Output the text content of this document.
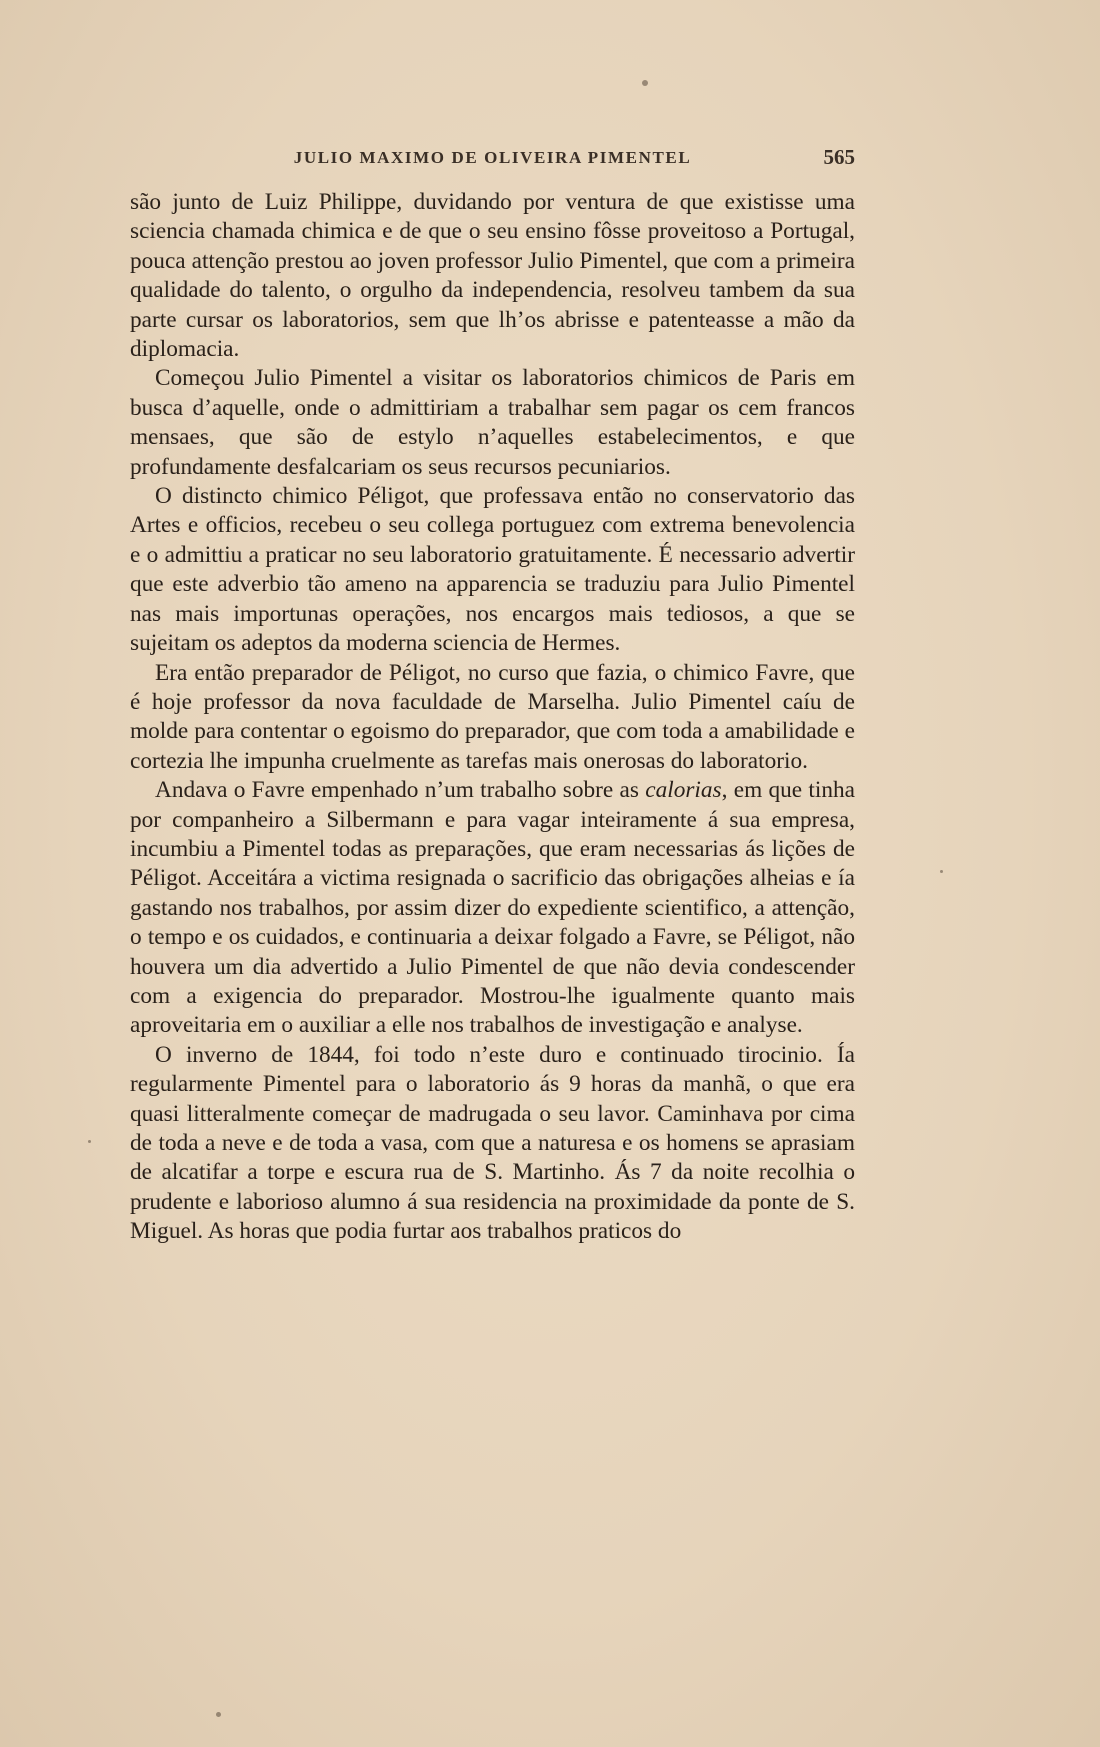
JULIO MAXIMO DE OLIVEIRA PIMENTEL	565

são junto de Luiz Philippe, duvidando por ventura de que existisse uma sciencia chamada chimica e de que o seu ensino fôsse proveitoso a Portugal, pouca attenção prestou ao joven professor Julio Pimentel, que com a primeira qualidade do talento, o orgulho da independencia, resolveu tambem da sua parte cursar os laboratorios, sem que lh’os abrisse e patenteasse a mão da diplomacia.

Começou Julio Pimentel a visitar os laboratorios chimicos de Paris em busca d’aquelle, onde o admittiriam a trabalhar sem pagar os cem francos mensaes, que são de estylo n’aquelles estabelecimentos, e que profundamente desfalcariam os seus recursos pecuniarios.

O distincto chimico Péligot, que professava então no conservatorio das Artes e officios, recebeu o seu collega portuguez com extrema benevolencia e o admittiu a praticar no seu laboratorio gratuitamente. É necessario advertir que este adverbio tão ameno na apparencia se traduziu para Julio Pimentel nas mais importunas operações, nos encargos mais tediosos, a que se sujeitam os adeptos da moderna sciencia de Hermes.

Era então preparador de Péligot, no curso que fazia, o chimico Favre, que é hoje professor da nova faculdade de Marselha. Julio Pimentel caíu de molde para contentar o egoismo do preparador, que com toda a amabilidade e cortezia lhe impunha cruelmente as tarefas mais onerosas do laboratorio.

Andava o Favre empenhado n’um trabalho sobre as calorias, em que tinha por companheiro a Silbermann e para vagar inteiramente á sua empresa, incumbiu a Pimentel todas as preparações, que eram necessarias ás lições de Péligot. Acceitára a victima resignada o sacrificio das obrigações alheias e ía gastando nos trabalhos, por assim dizer do expediente scientifico, a attenção, o tempo e os cuidados, e continuaria a deixar folgado a Favre, se Péligot, não houvera um dia advertido a Julio Pimentel de que não devia condescender com a exigencia do preparador. Mostrou-lhe igualmente quanto mais aproveitaria em o auxiliar a elle nos trabalhos de investigação e analyse.

O inverno de 1844, foi todo n’este duro e continuado tirocinio. Ía regularmente Pimentel para o laboratorio ás 9 horas da manhã, o que era quasi litteralmente começar de madrugada o seu lavor. Caminhava por cima de toda a neve e de toda a vasa, com que a naturesa e os homens se aprasiam de alcatifar a torpe e escura rua de S. Martinho. Ás 7 da noite recolhia o prudente e laborioso alumno á sua residencia na proximidade da ponte de S. Miguel. As horas que podia furtar aos trabalhos praticos do
